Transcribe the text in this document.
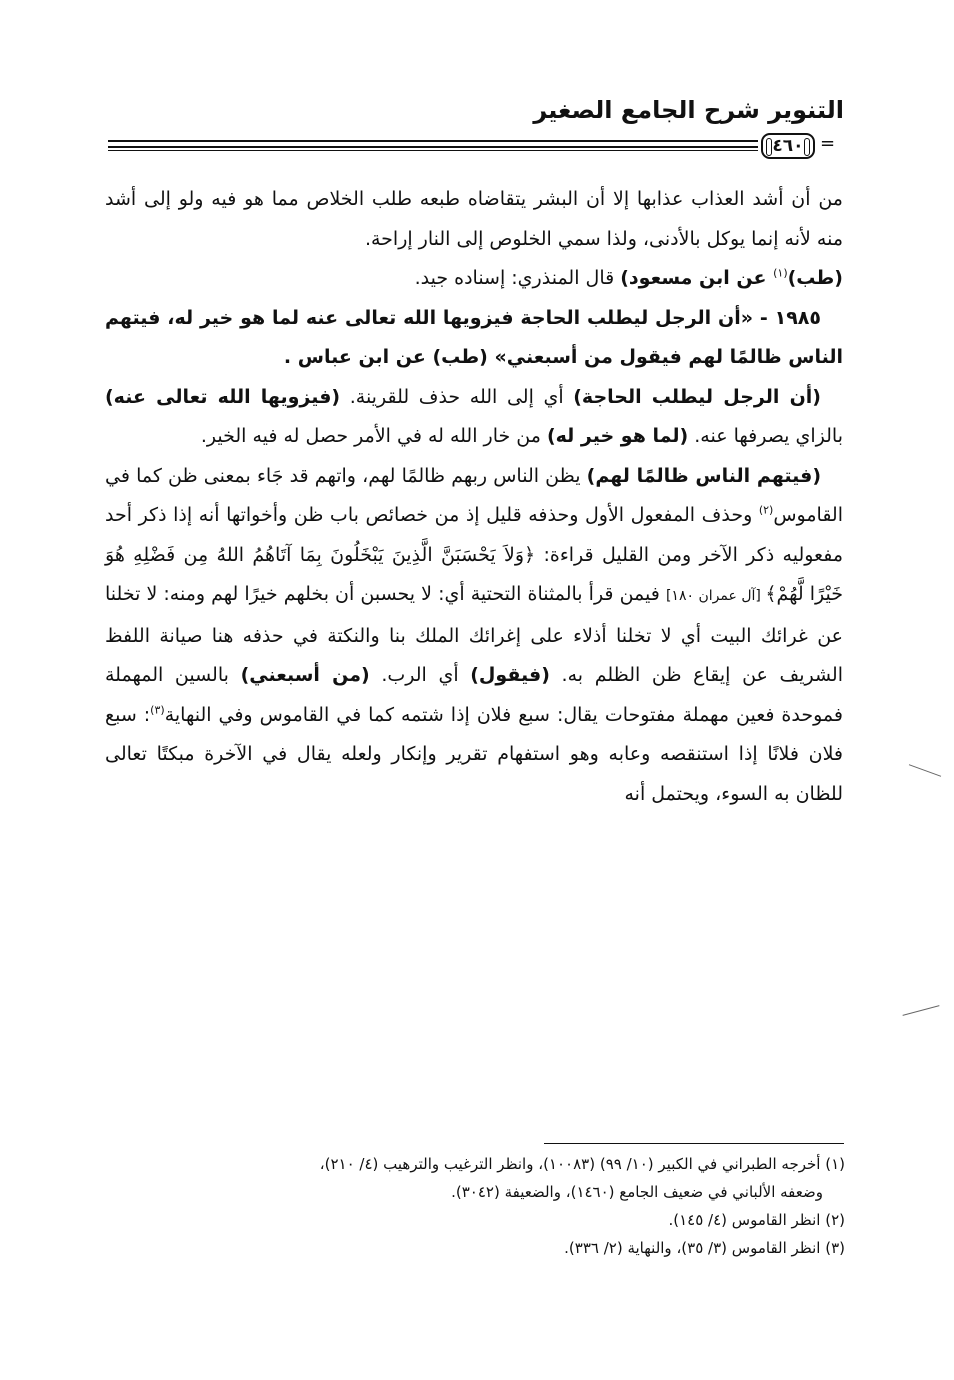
التنوير شرح الجامع الصغير
٤٦٠ =

من أن أشد العذاب عذابها إلا أن البشر يتقاضاه طبعه طلب الخلاص مما هو فيه ولو إلى أشد منه لأنه إنما يوكل بالأدنى، ولذا سمي الخلوص إلى النار إراحة.

(طب)$^{(١)}$ عن ابن مسعود) قال المنذري: إسناده جيد.

١٩٨٥ - «أن الرجل ليطلب الحاجة فيزويها الله تعالى عنه لما هو خير له، فيتهم الناس ظالمًا لهم فيقول من أسبعني» (طب) عن ابن عباس .

(أن الرجل ليطلب الحاجة) أي إلى الله حذف للقرينة. (فيزويها الله تعالى عنه) بالزاي يصرفها عنه. (لما هو خير له) من خار الله له في الأمر حصل له فيه الخير.

(فيتهم الناس ظالمًا لهم) يظن الناس ربهم ظالمًا لهم، واتهم قد جَاء بمعنى ظن كما في القاموس$^{(٢)}$ وحذف المفعول الأول وحذفه قليل إذ من خصائص باب ظن وأخواتها أنه إذا ذكر أحد مفعوليه ذكر الآخر ومن القليل قراءة: ﴿وَلاَ يَحْسَبَنَّ الَّذِينَ يَبْخَلُونَ بِمَا آتَاهُمُ اللهُ مِن فَضْلِهِ هُوَ خَيْرًا لَّهُمْ﴾ [آل عمران ١٨٠] فيمن قرأ بالمثناة التحتية أي: لا يحسبن أن بخلهم خيرًا لهم ومنه: لا تخلنا عن غرائك البيت أي لا تخلنا أذلاء على إغرائك الملك بنا والنكتة في حذفه هنا صيانة اللفظ الشريف عن إيقاع ظن الظلم به. (فيقول) أي الرب. (من أسبعني) بالسين المهملة فموحدة فعين مهملة مفتوحات يقال: سبع فلان إذا شتمه كما في القاموس وفي النهاية$^{(٣)}$: سبع فلان فلانًا إذا استنقصه وعابه وهو استفهام تقرير وإنكار ولعله يقال في الآخرة مبكتًا تعالى للظان به السوء، ويحتمل أنه

(١) أخرجه الطبراني في الكبير (١٠/ ٩٩) (١٠٠٨٣)، وانظر الترغيب والترهيب (٤/ ٢١٠)،

وضعفه الألباني في ضعيف الجامع (١٤٦٠)، والضعيفة (٣٠٤٢).

(٢) انظر القاموس (٤/ ١٤٥).

(٣) انظر القاموس (٣/ ٣٥)، والنهاية (٢/ ٣٣٦).
